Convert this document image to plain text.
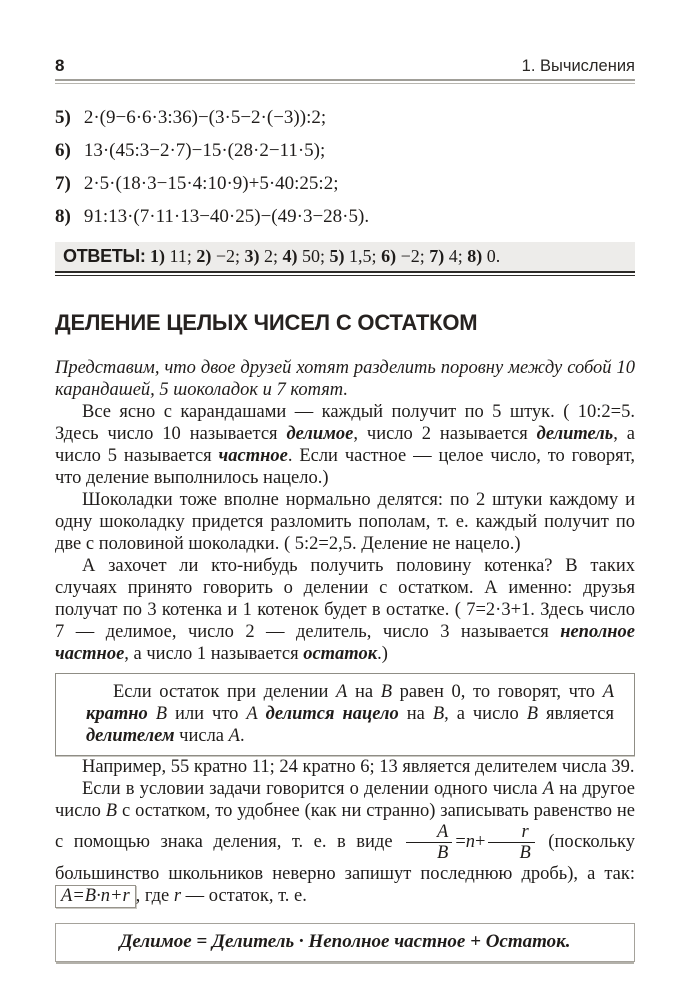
8	1. Вычисления
5) 2·(9−6·6·3:36)−(3·5−2·(−3)):2;
6) 13·(45:3−2·7)−15·(28·2−11·5);
7) 2·5·(18·3−15·4:10·9)+5·40:25:2;
8) 91:13·(7·11·13−40·25)−(49·3−28·5).
ОТВЕТЫ: 1) 11; 2) −2; 3) 2; 4) 50; 5) 1,5; 6) −2; 7) 4; 8) 0.
ДЕЛЕНИЕ ЦЕЛЫХ ЧИСЕЛ С ОСТАТКОМ

Представим, что двое друзей хотят разделить поровну между собой 10 карандашей, 5 шоколадок и 7 котят.

Все ясно с карандашами — каждый получит по 5 штук. ( 10:2=5. Здесь число 10 называется делимое, число 2 называется делитель, а число 5 называется частное. Если частное — целое число, то говорят, что деление выполнилось нацело.)

Шоколадки тоже вполне нормально делятся: по 2 штуки каждому и одну шоколадку придется разломить пополам, т. е. каждый получит по две с половиной шоколадки. ( 5:2=2,5. Деление не нацело.)

А захочет ли кто-нибудь получить половину котенка? В таких случаях принято говорить о делении с остатком. А именно: друзья получат по 3 котенка и 1 котенок будет в остатке. ( 7=2·3+1. Здесь число 7 — делимое, число 2 — делитель, число 3 называется неполное частное, а число 1 называется остаток.)

Если остаток при делении A на B равен 0, то говорят, что A кратно B или что A делится нацело на B, а число B является делителем числа A.

Например, 55 кратно 11; 24 кратно 6; 13 является делителем числа 39.

Если в условии задачи говорится о делении одного числа A на другое число B с остатком, то удобнее (как ни странно) записывать равенство не с помощью знака деления, т. е. в виде $\frac{A}{B} =n+ \frac{r}{B}$ (поскольку большинство школьников неверно запишут последнюю дробь), а так: A=B·n+r , где r — остаток, т. е.

Делимое = Делитель · Неполное частное + Остаток.
